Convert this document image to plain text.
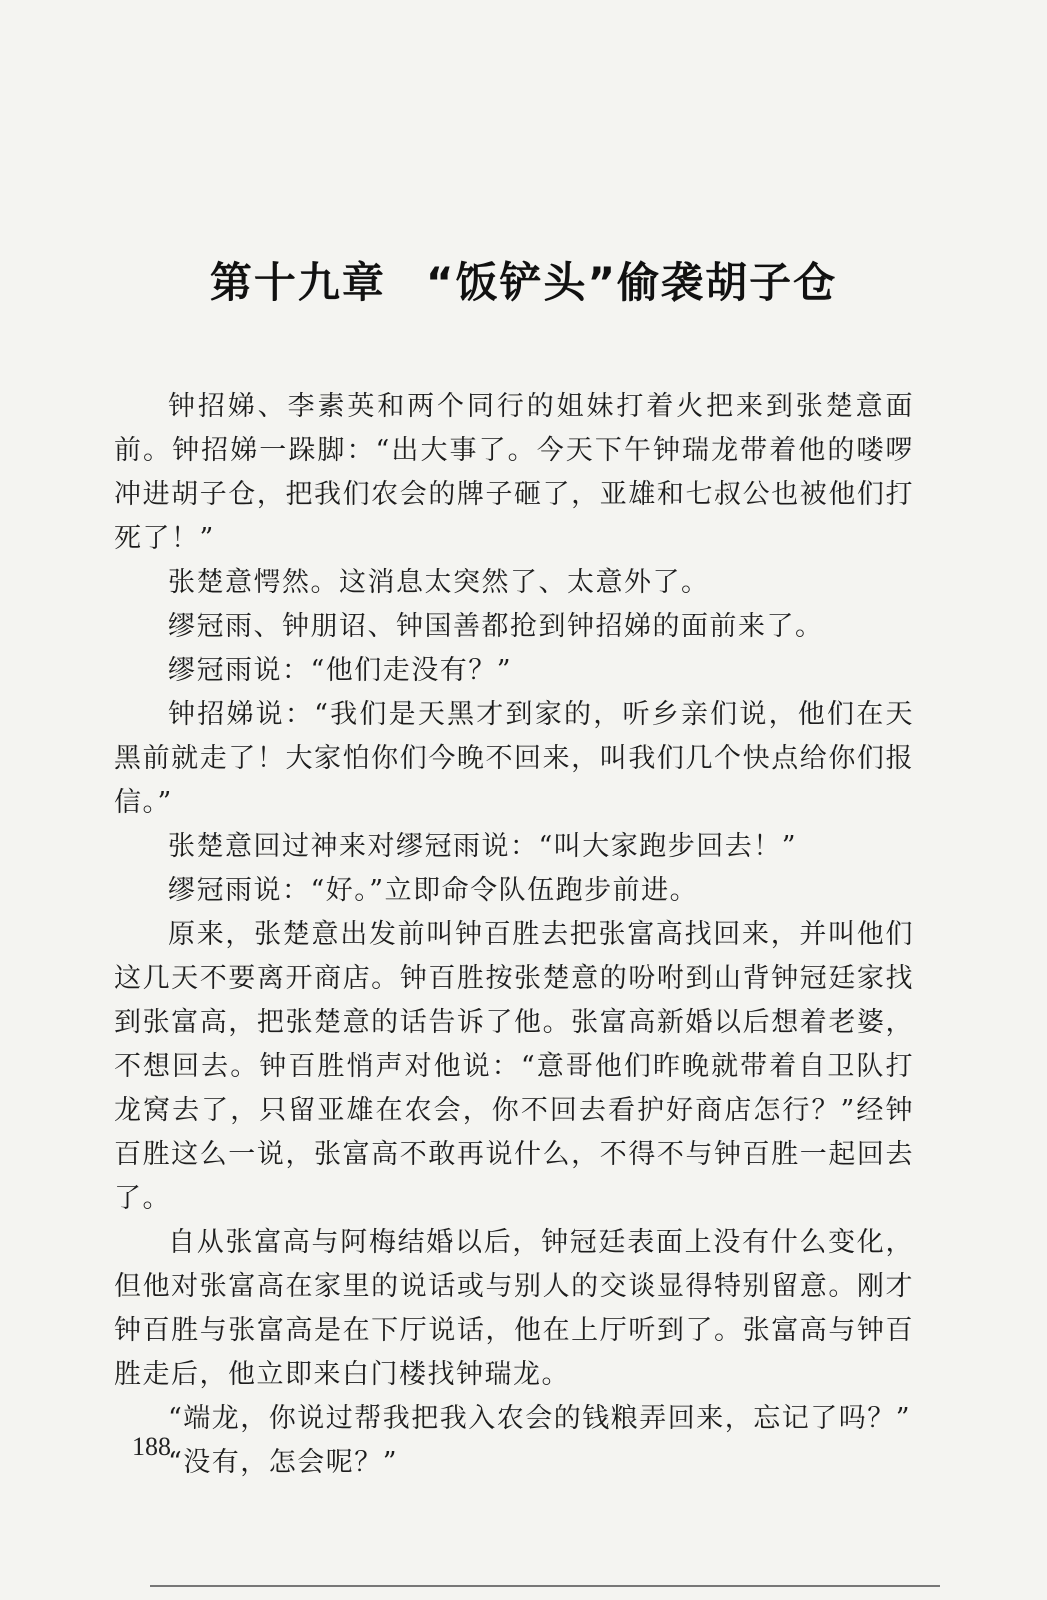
第十九章 “饭铲头”偷袭胡子仓

钟招娣、李素英和两个同行的姐妹打着火把来到张楚意面前。钟招娣一跺脚：“出大事了。今天下午钟瑞龙带着他的喽啰冲进胡子仓，把我们农会的牌子砸了，亚雄和七叔公也被他们打死了！”

张楚意愕然。这消息太突然了、太意外了。

缪冠雨、钟朋诏、钟国善都抢到钟招娣的面前来了。

缪冠雨说：“他们走没有？”

钟招娣说：“我们是天黑才到家的，听乡亲们说，他们在天黑前就走了！大家怕你们今晚不回来，叫我们几个快点给你们报信。”

张楚意回过神来对缪冠雨说：“叫大家跑步回去！”

缪冠雨说：“好。”立即命令队伍跑步前进。

原来，张楚意出发前叫钟百胜去把张富高找回来，并叫他们这几天不要离开商店。钟百胜按张楚意的吩咐到山背钟冠廷家找到张富高，把张楚意的话告诉了他。张富高新婚以后想着老婆，不想回去。钟百胜悄声对他说：“意哥他们昨晚就带着自卫队打龙窝去了，只留亚雄在农会，你不回去看护好商店怎行？”经钟百胜这么一说，张富高不敢再说什么，不得不与钟百胜一起回去了。

自从张富高与阿梅结婚以后，钟冠廷表面上没有什么变化，但他对张富高在家里的说话或与别人的交谈显得特别留意。刚才钟百胜与张富高是在下厅说话，他在上厅听到了。张富高与钟百胜走后，他立即来白门楼找钟瑞龙。

“端龙，你说过帮我把我入农会的钱粮弄回来，忘记了吗？”

“没有，怎会呢？”

188
